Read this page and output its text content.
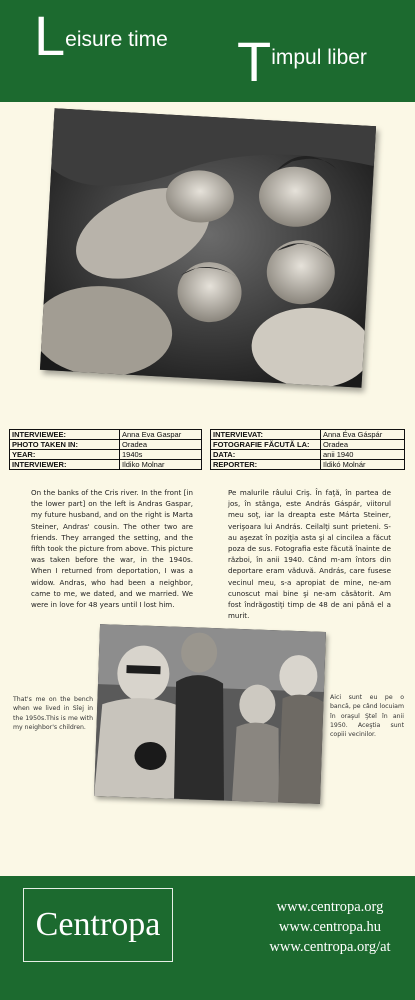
Leisure time Timpul liber
INTERVIEWEE:	Anna Eva Gaspar
PHOTO TAKEN IN:	Oradea
YEAR:	1940s
INTERVIEWER:	Ildiko Molnar
INTERVIEVAT:	Anna Éva Gáspár
FOTOGRAFIE FĂCUTĂ LA:	Oradea
DATA:	anii 1940
REPORTER:	Ildikó Molnár
On the banks of the Cris river. In the front [in the lower part] on the left is Andras Gaspar, my future husband, and on the right is Marta Steiner, Andras' cousin. The other two are friends. They arranged the setting, and the fifth took the picture from above. This picture was taken before the war, in the 1940s. When I returned from deportation, I was a widow. Andras, who had been a neighbor, came to me, we dated, and we married. We were in love for 48 years until I lost him.
Pe malurile râului Criş. În faţă, în partea de jos, în stânga, este András Gáspár, viitorul meu soţ, iar la dreapta este Márta Steiner, verişoara lui András. Ceilalţi sunt prieteni. S-au aşezat în poziţia asta şi al cincilea a făcut poza de sus. Fotografia este făcută înainte de război, în anii 1940. Când m-am întors din deportare eram văduvă. András, care fusese vecinul meu, s-a apropiat de mine, ne-am cunoscut mai bine şi ne-am căsătorit. Am fost îndrăgostiţi timp de 48 de ani până el a murit.
That's me on the bench when we lived in Sîej in the 1950s.This is me with my neighbor's children.
Aici sunt eu pe o bancă, pe când locuiam în oraşul Şteî în anii 1950. Aceştia sunt copiii vecinilor.
Centropa	www.centropa.org
www.centropa.hu
www.centropa.org/at
